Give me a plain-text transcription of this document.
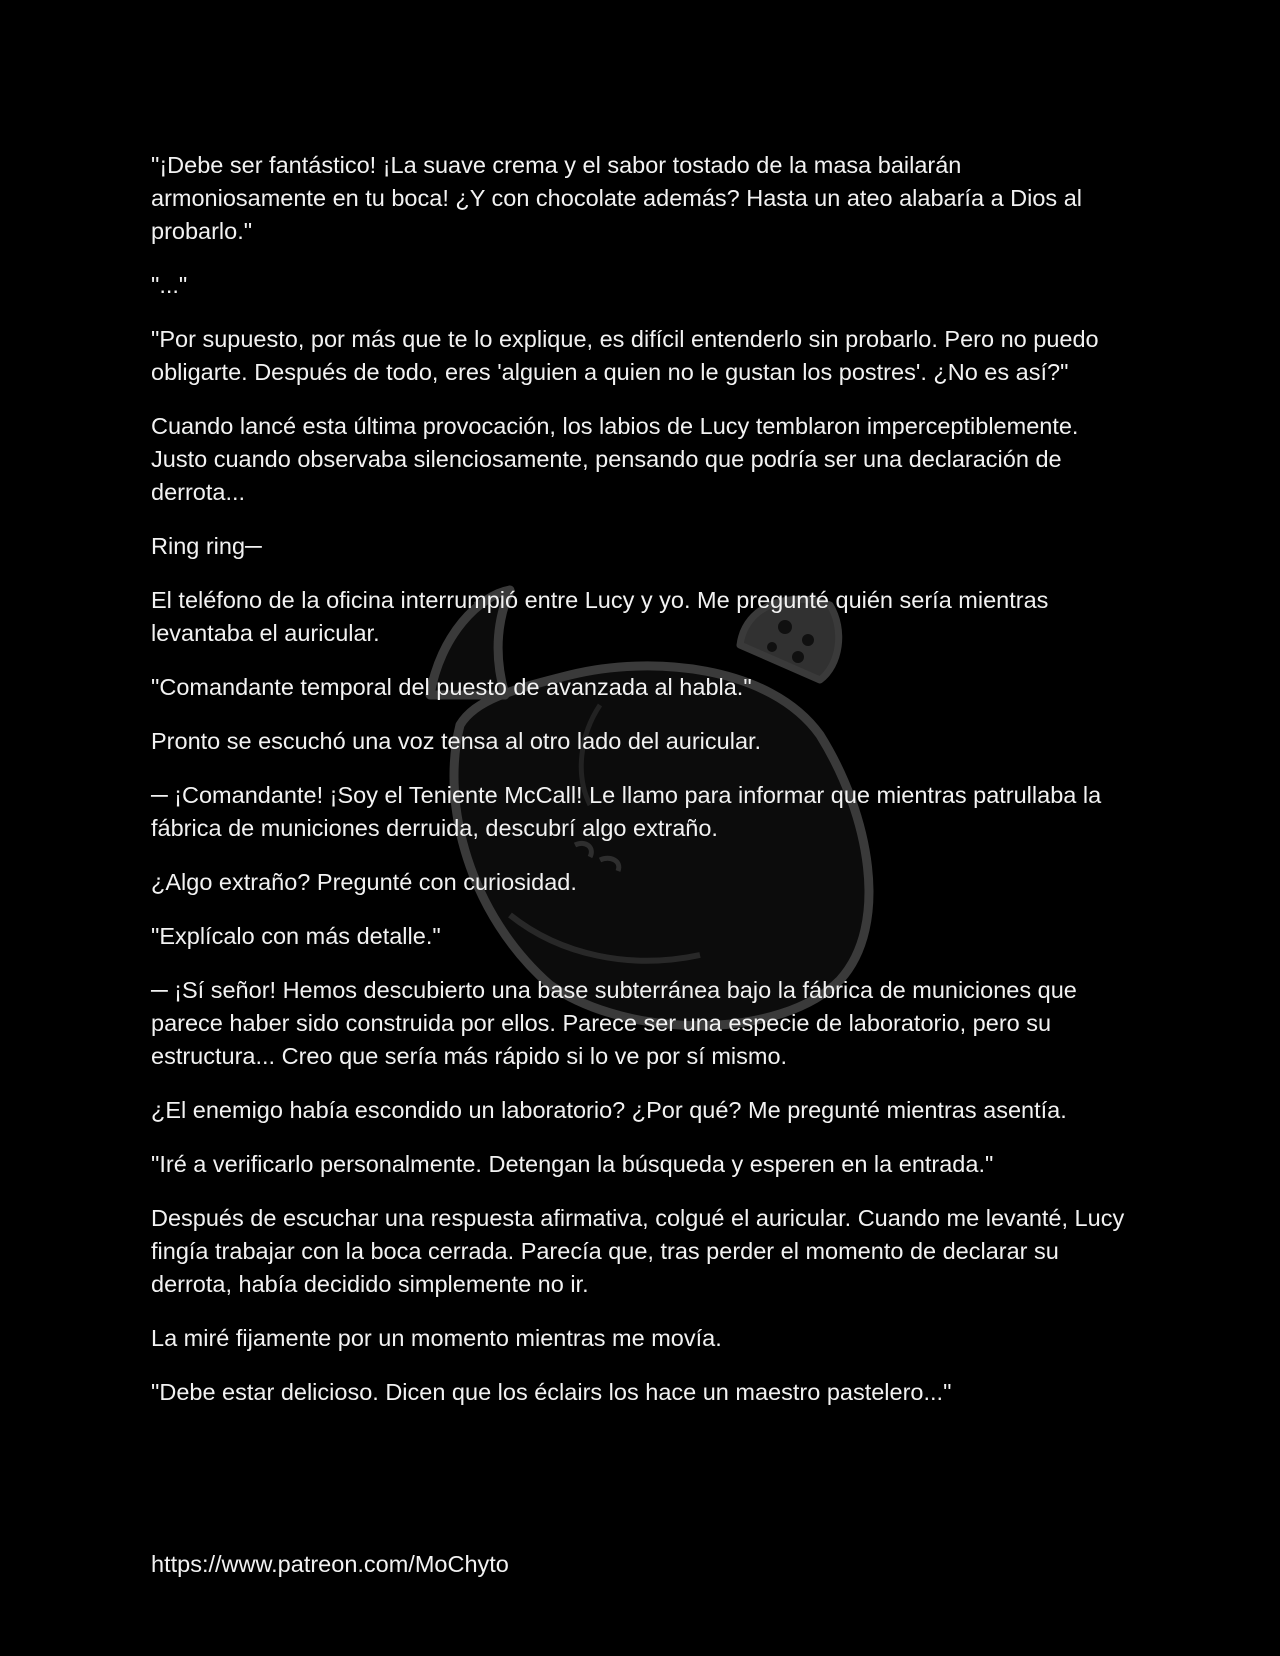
"¡Debe ser fantástico! ¡La suave crema y el sabor tostado de la masa bailarán armoniosamente en tu boca! ¿Y con chocolate además? Hasta un ateo alabaría a Dios al probarlo."

"..."

"Por supuesto, por más que te lo explique, es difícil entenderlo sin probarlo. Pero no puedo obligarte. Después de todo, eres 'alguien a quien no le gustan los postres'. ¿No es así?"

Cuando lancé esta última provocación, los labios de Lucy temblaron imperceptiblemente. Justo cuando observaba silenciosamente, pensando que podría ser una declaración de derrota...

Ring ring─

El teléfono de la oficina interrumpió entre Lucy y yo. Me pregunté quién sería mientras levantaba el auricular.

"Comandante temporal del puesto de avanzada al habla."

Pronto se escuchó una voz tensa al otro lado del auricular.

─ ¡Comandante! ¡Soy el Teniente McCall! Le llamo para informar que mientras patrullaba la fábrica de municiones derruida, descubrí algo extraño.

¿Algo extraño? Pregunté con curiosidad.

"Explícalo con más detalle."

─ ¡Sí señor! Hemos descubierto una base subterránea bajo la fábrica de municiones que parece haber sido construida por ellos. Parece ser una especie de laboratorio, pero su estructura... Creo que sería más rápido si lo ve por sí mismo.

¿El enemigo había escondido un laboratorio? ¿Por qué? Me pregunté mientras asentía.

"Iré a verificarlo personalmente. Detengan la búsqueda y esperen en la entrada."

Después de escuchar una respuesta afirmativa, colgué el auricular. Cuando me levanté, Lucy fingía trabajar con la boca cerrada. Parecía que, tras perder el momento de declarar su derrota, había decidido simplemente no ir.

La miré fijamente por un momento mientras me movía.

"Debe estar delicioso. Dicen que los éclairs los hace un maestro pastelero..."

https://www.patreon.com/MoChyto
